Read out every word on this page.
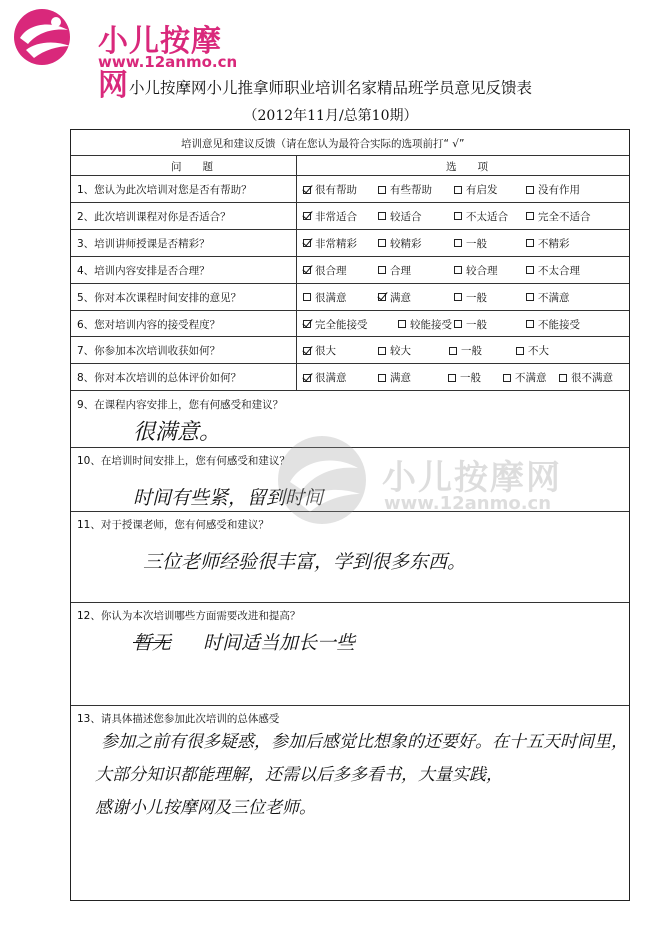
小儿按摩网
www.12anmo.cn
小儿按摩网小儿推拿师职业培训名家精品班学员意见反馈表
（2012年11月/总第10期）
培训意见和建议反馈（请在您认为最符合实际的选项前打“ √”
问　　题	选　　项
1、您认为此次培训对您是否有帮助？	很有帮助	有些帮助	有启发	没有作用
2、此次培训课程对你是否适合？	非常适合	较适合	不太适合	完全不适合
3、培训讲师授课是否精彩？	非常精彩	较精彩	一般	不精彩
4、培训内容安排是否合理？	很合理	合理	较合理	不太合理
5、你对本次课程时间安排的意见？	很满意	满意	一般	不满意
6、您对培训内容的接受程度？	完全能接受	较能接受 一般	不能接受
7、你参加本次培训收获如何？	很大	较大	一般	不大
8、你对本次培训的总体评价如何？	很满意	满意	一般	不满意 很不满意
9、在课程内容安排上，您有何感受和建议？
很满意。
10、在培训时间安排上，您有何感受和建议？
时间有些紧，留到时间
11、对于授课老师，您有何感受和建议？
三位老师经验很丰富，学到很多东西。
12、你认为本次培训哪些方面需要改进和提高？
暂无 时间适当加长一些
13、请具体描述您参加此次培训的总体感受
参加之前有很多疑惑，参加后感觉比想象的还要好。在十五天时间里，
大部分知识都能理解，还需以后多多看书，大量实践，
感谢小儿按摩网及三位老师。
小儿按摩网
www.12anmo.cn
